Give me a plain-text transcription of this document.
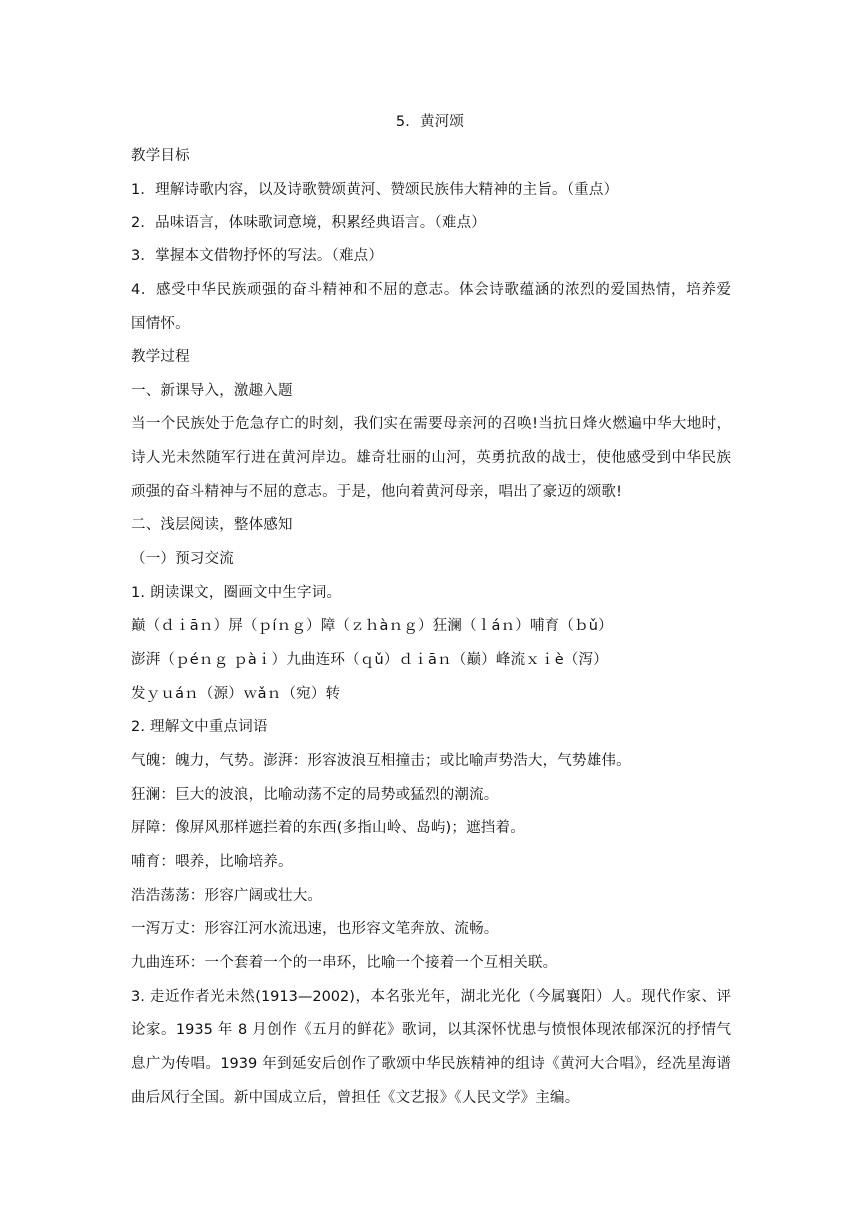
5．黄河颂
教学目标
1．理解诗歌内容，以及诗歌赞颂黄河、赞颂民族伟大精神的主旨。（重点）
2．品味语言，体味歌词意境，积累经典语言。（难点）
3．掌握本文借物抒怀的写法。（难点）
4．感受中华民族顽强的奋斗精神和不屈的意志。体会诗歌蕴涵的浓烈的爱国热情，培养爱
国情怀。
教学过程
一、新课导入，激趣入题
当一个民族处于危急存亡的时刻，我们实在需要母亲河的召唤!当抗日烽火燃遍中华大地时，
诗人光未然随军行进在黄河岸边。雄奇壮丽的山河，英勇抗敌的战士，使他感受到中华民族
顽强的奋斗精神与不屈的意志。于是，他向着黄河母亲，唱出了豪迈的颂歌!
二、浅层阅读，整体感知
（一）预习交流
1. 朗读课文，圈画文中生字词。
巅（ｄｉāｎ）屏（ｐíｎｇ）障（ｚｈàｎｇ）狂澜（ｌáｎ）哺育（ｂǔ）
澎湃（ｐéｎｇ ｐàｉ）九曲连环（ｑǔ）ｄｉāｎ（巅）峰流ｘｉè（泻）
发ｙｕáｎ（源）ｗǎｎ（宛）转
2. 理解文中重点词语
气魄：魄力，气势。澎湃：形容波浪互相撞击；或比喻声势浩大，气势雄伟。
狂澜：巨大的波浪，比喻动荡不定的局势或猛烈的潮流。
屏障：像屏风那样遮拦着的东西(多指山岭、岛屿)；遮挡着。
哺育：喂养，比喻培养。
浩浩荡荡：形容广阔或壮大。
一泻万丈：形容江河水流迅速，也形容文笔奔放、流畅。
九曲连环：一个套着一个的一串环，比喻一个接着一个互相关联。
3. 走近作者光未然(1913—2002)，本名张光年，湖北光化（今属襄阳）人。现代作家、评
论家。1935 年 8 月创作《五月的鲜花》歌词，以其深怀忧患与愤恨体现浓郁深沉的抒情气
息广为传唱。1939 年到延安后创作了歌颂中华民族精神的组诗《黄河大合唱》，经冼星海谱
曲后风行全国。新中国成立后，曾担任《文艺报》《人民文学》主编。
